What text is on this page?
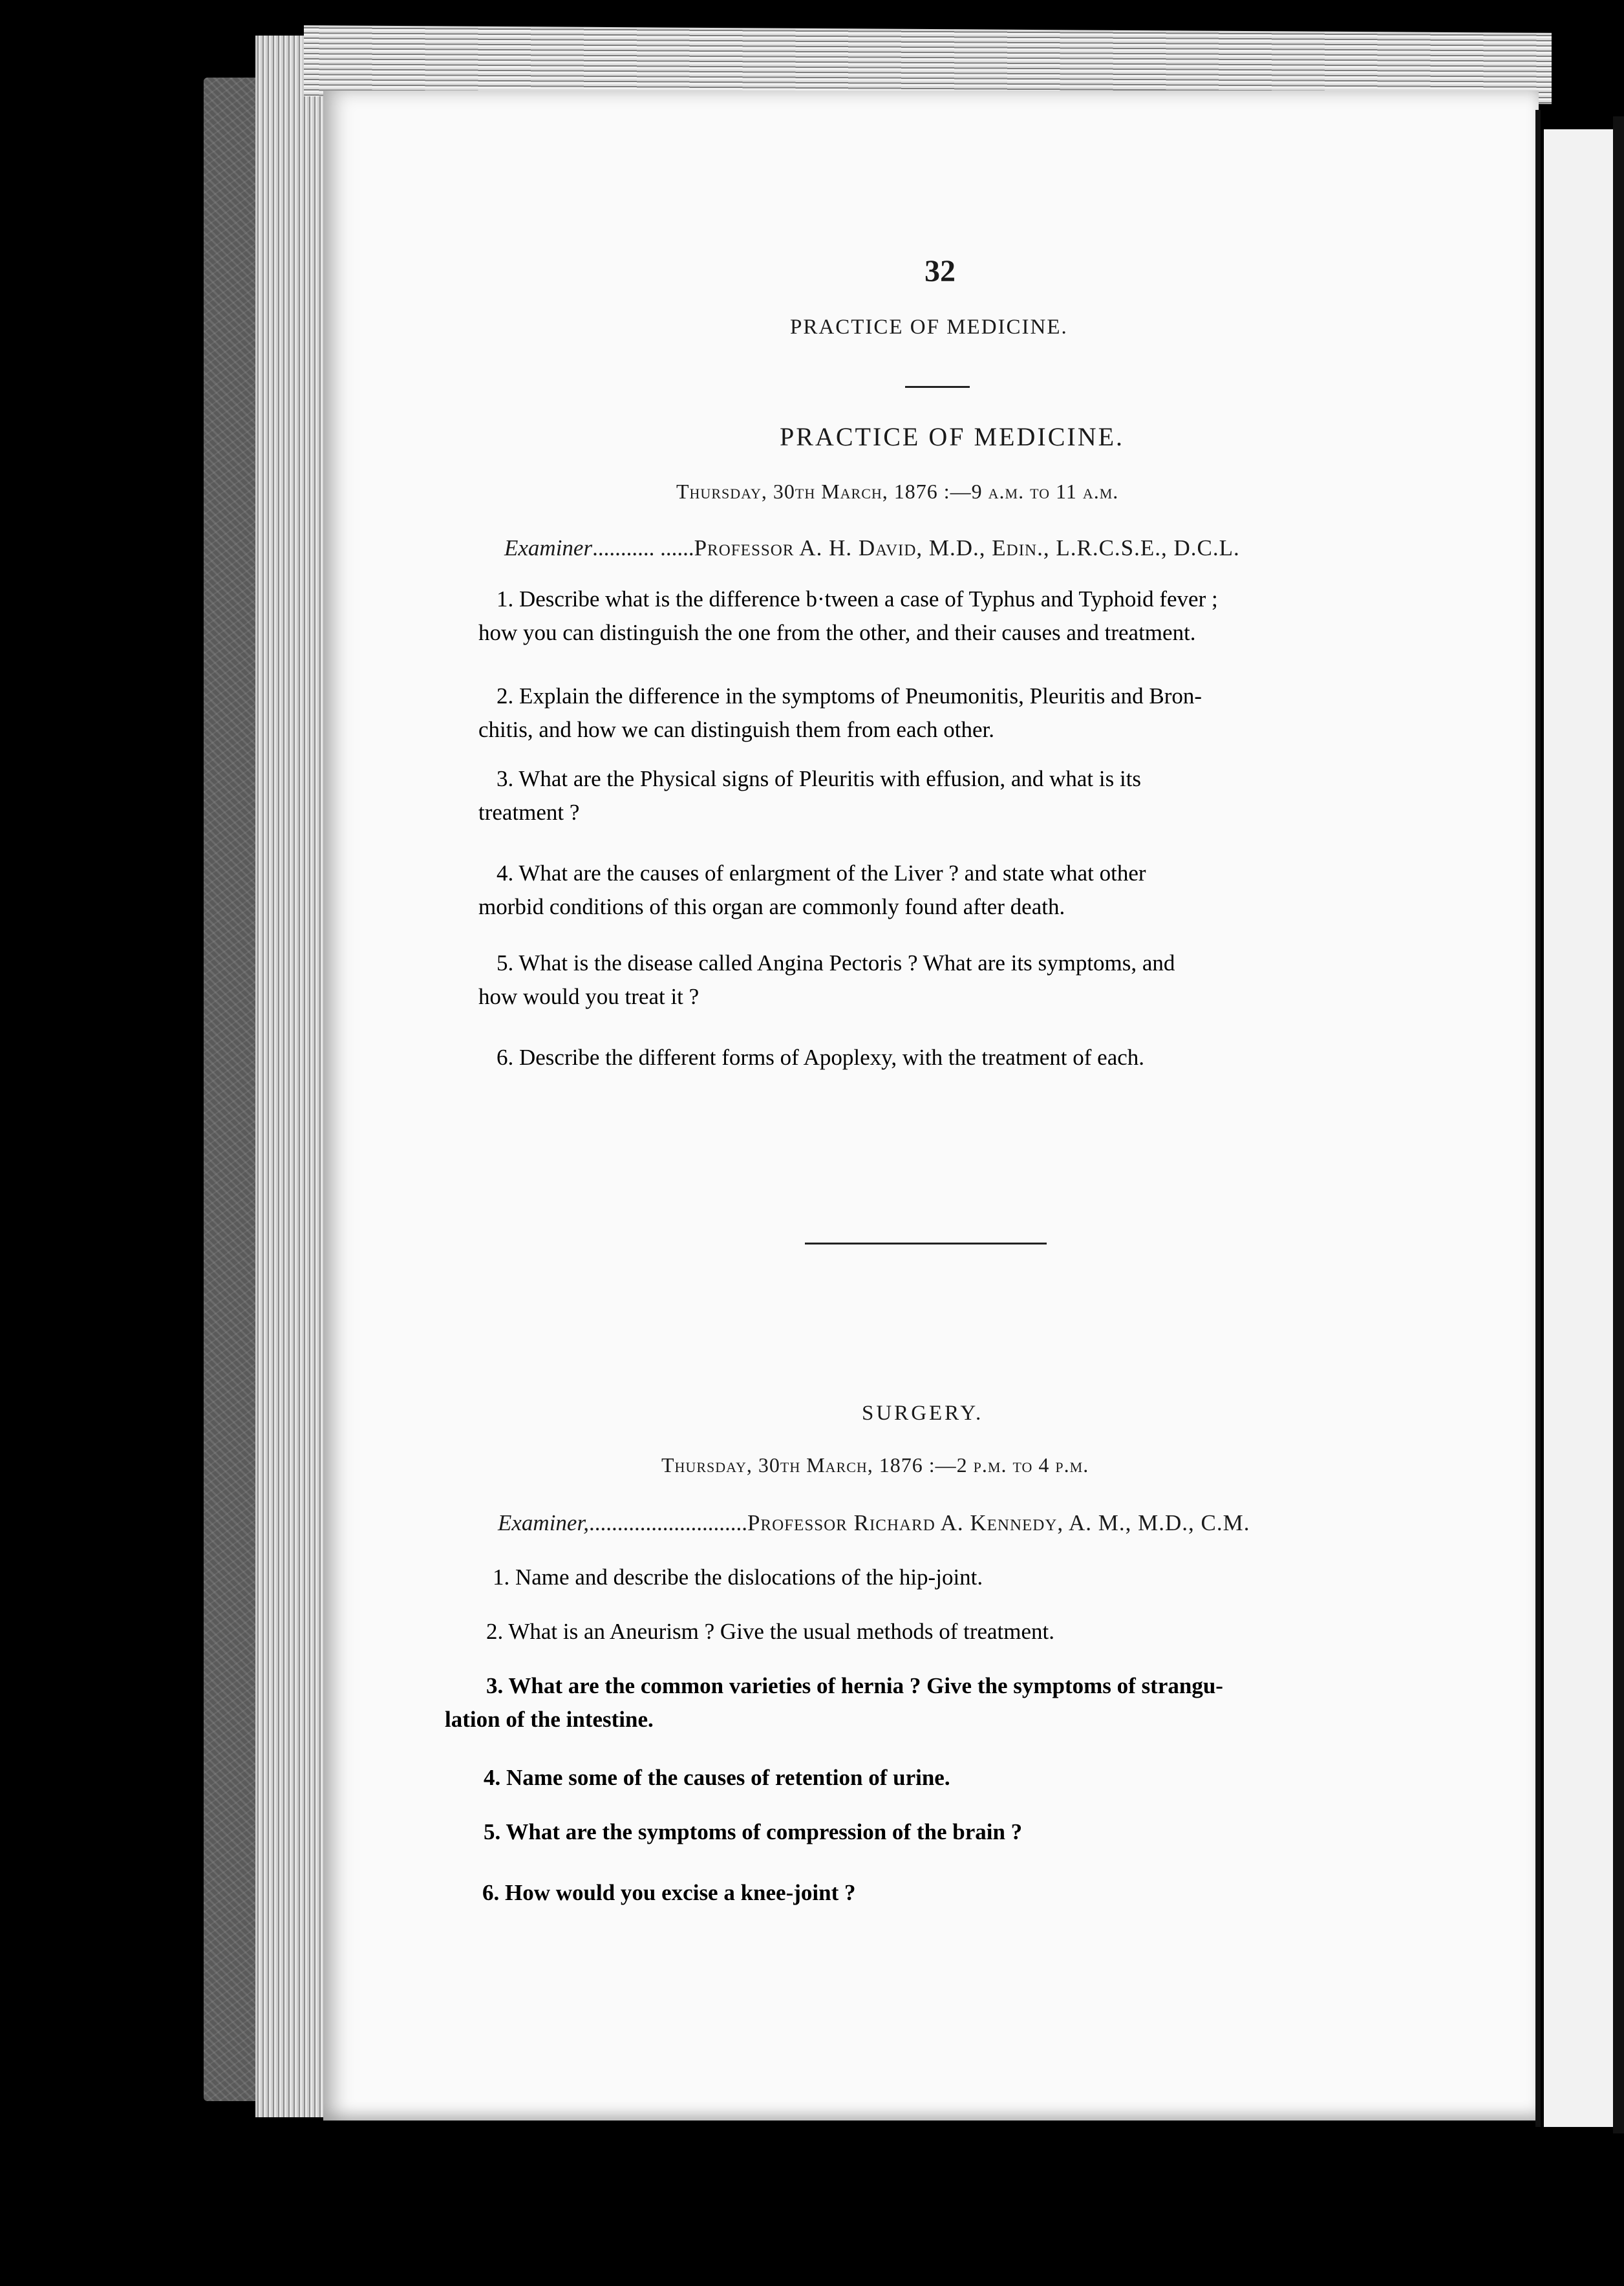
32
PRACTICE OF MEDICINE.
PRACTICE OF MEDICINE.
Thursday, 30th March, 1876 :—9 a.m. to 11 a.m.
Examiner........... ......Professor A. H. David, M.D., Edin., L.R.C.S.E., D.C.L.
1. Describe what is the difference b·tween a case of Typhus and Typhoid fever ;
how you can distinguish the one from the other, and their causes and treatment.
2. Explain the difference in the symptoms of Pneumonitis, Pleuritis and Bron-
chitis, and how we can distinguish them from each other.
3. What are the Physical signs of Pleuritis with effusion, and what is its
treatment ?
4. What are the causes of enlargment of the Liver ? and state what other
morbid conditions of this organ are commonly found after death.
5. What is the disease called Angina Pectoris ? What are its symptoms, and
how would you treat it ?
6. Describe the different forms of Apoplexy, with the treatment of each.
SURGERY.
Thursday, 30th March, 1876 :—2 p.m. to 4 p.m.
Examiner,............................Professor Richard A. Kennedy, A. M., M.D., C.M.
1. Name and describe the dislocations of the hip-joint.
2. What is an Aneurism ? Give the usual methods of treatment.
3. What are the common varieties of hernia ? Give the symptoms of strangu-
lation of the intestine.
4. Name some of the causes of retention of urine.
5. What are the symptoms of compression of the brain ?
6. How would you excise a knee-joint ?
